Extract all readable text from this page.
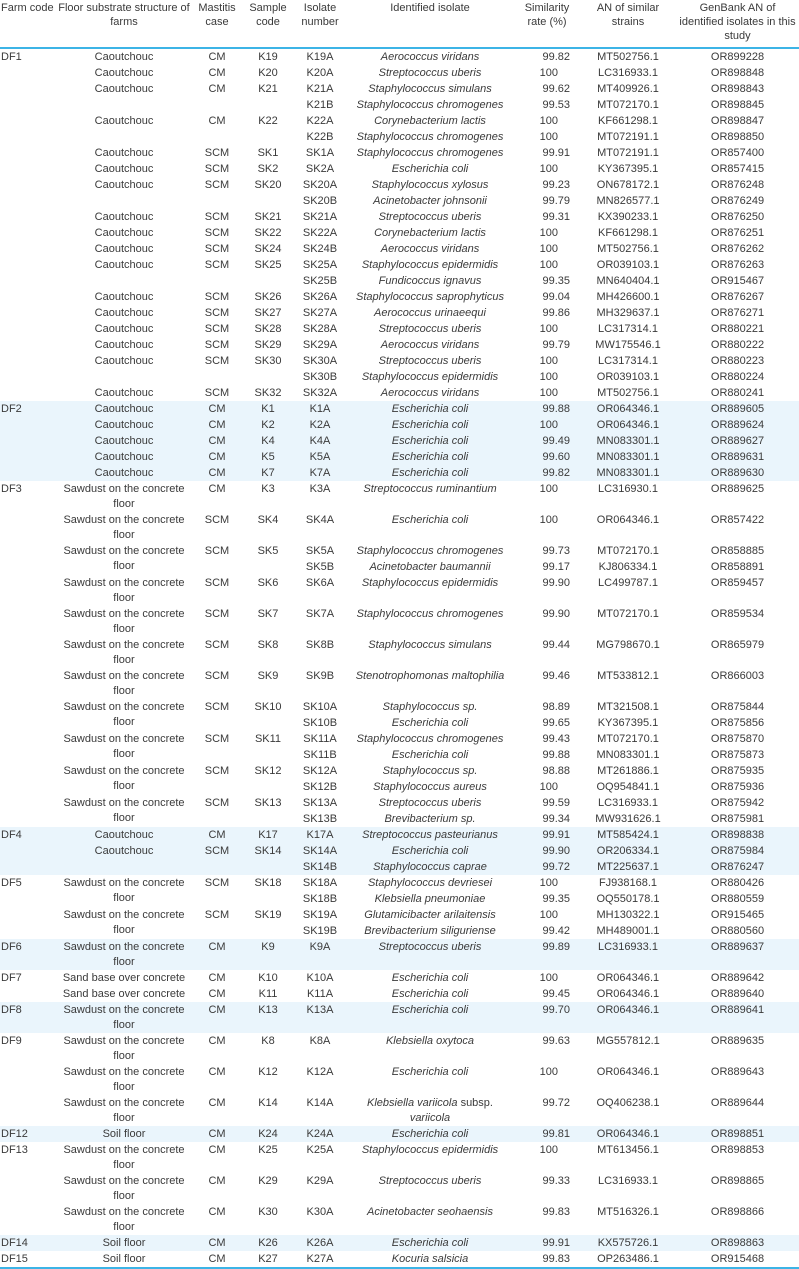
Farm code	Floor substrate structure of farms	Mastitis case	Sample code	Isolate number	Identified isolate	Similarity rate (%)	AN of similar strains	GenBank AN of identified isolates in this study
DF1	Caoutchouc	CM	K19	K19A	Aerococcus viridans	99.82	MT502756.1	OR899228
	Caoutchouc	CM	K20	K20A	Streptococcus uberis	100	LC316933.1	OR898848
	Caoutchouc	CM	K21	K21A	Staphylococcus simulans	99.62	MT409926.1	OR898843
				K21B	Staphylococcus chromogenes	99.53	MT072170.1	OR898845
	Caoutchouc	CM	K22	K22A	Corynebacterium lactis	100	KF661298.1	OR898847
				K22B	Staphylococcus chromogenes	100	MT072191.1	OR898850
	Caoutchouc	SCM	SK1	SK1A	Staphylococcus chromogenes	99.91	MT072191.1	OR857400
	Caoutchouc	SCM	SK2	SK2A	Escherichia coli	100	KY367395.1	OR857415
	Caoutchouc	SCM	SK20	SK20A	Staphylococcus xylosus	99.23	ON678172.1	OR876248
				SK20B	Acinetobacter johnsonii	99.79	MN826577.1	OR876249
	Caoutchouc	SCM	SK21	SK21A	Streptococcus uberis	99.31	KX390233.1	OR876250
	Caoutchouc	SCM	SK22	SK22A	Corynebacterium lactis	100	KF661298.1	OR876251
	Caoutchouc	SCM	SK24	SK24B	Aerococcus viridans	100	MT502756.1	OR876262
	Caoutchouc	SCM	SK25	SK25A	Staphylococcus epidermidis	100	OR039103.1	OR876263
				SK25B	Fundicoccus ignavus	99.35	MN640404.1	OR915467
	Caoutchouc	SCM	SK26	SK26A	Staphylococcus saprophyticus	99.04	MH426600.1	OR876267
	Caoutchouc	SCM	SK27	SK27A	Aerococcus urinaeequi	99.86	MH329637.1	OR876271
	Caoutchouc	SCM	SK28	SK28A	Streptococcus uberis	100	LC317314.1	OR880221
	Caoutchouc	SCM	SK29	SK29A	Aerococcus viridans	99.79	MW175546.1	OR880222
	Caoutchouc	SCM	SK30	SK30A	Streptococcus uberis	100	LC317314.1	OR880223
				SK30B	Staphylococcus epidermidis	100	OR039103.1	OR880224
	Caoutchouc	SCM	SK32	SK32A	Aerococcus viridans	100	MT502756.1	OR880241
DF2	Caoutchouc	CM	K1	K1A	Escherichia coli	99.88	OR064346.1	OR889605
	Caoutchouc	CM	K2	K2A	Escherichia coli	100	OR064346.1	OR889624
	Caoutchouc	CM	K4	K4A	Escherichia coli	99.49	MN083301.1	OR889627
	Caoutchouc	CM	K5	K5A	Escherichia coli	99.60	MN083301.1	OR889631
	Caoutchouc	CM	K7	K7A	Escherichia coli	99.82	MN083301.1	OR889630
DF3	Sawdust on the concrete floor	CM	K3	K3A	Streptococcus ruminantium	100	LC316930.1	OR889625
	Sawdust on the concrete floor	SCM	SK4	SK4A	Escherichia coli	100	OR064346.1	OR857422
	Sawdust on the concrete floor	SCM	SK5	SK5A	Staphylococcus chromogenes	99.73	MT072170.1	OR858885
				SK5B	Acinetobacter baumannii	99.17	KJ806334.1	OR858891
	Sawdust on the concrete floor	SCM	SK6	SK6A	Staphylococcus epidermidis	99.90	LC499787.1	OR859457
	Sawdust on the concrete floor	SCM	SK7	SK7A	Staphylococcus chromogenes	99.90	MT072170.1	OR859534
	Sawdust on the concrete floor	SCM	SK8	SK8B	Staphylococcus simulans	99.44	MG798670.1	OR865979
	Sawdust on the concrete floor	SCM	SK9	SK9B	Stenotrophomonas maltophilia	99.46	MT533812.1	OR866003
	Sawdust on the concrete floor	SCM	SK10	SK10A	Staphylococcus sp.	98.89	MT321508.1	OR875844
				SK10B	Escherichia coli	99.65	KY367395.1	OR875856
	Sawdust on the concrete floor	SCM	SK11	SK11A	Staphylococcus chromogenes	99.43	MT072170.1	OR875870
				SK11B	Escherichia coli	99.88	MN083301.1	OR875873
	Sawdust on the concrete floor	SCM	SK12	SK12A	Staphylococcus sp.	98.88	MT261886.1	OR875935
				SK12B	Staphylococcus aureus	100	OQ954841.1	OR875936
	Sawdust on the concrete floor	SCM	SK13	SK13A	Streptococcus uberis	99.59	LC316933.1	OR875942
				SK13B	Brevibacterium sp.	99.34	MW931626.1	OR875981
DF4	Caoutchouc	CM	K17	K17A	Streptococcus pasteurianus	99.91	MT585424.1	OR898838
	Caoutchouc	SCM	SK14	SK14A	Escherichia coli	99.90	OR206334.1	OR875984
				SK14B	Staphylococcus caprae	99.72	MT225637.1	OR876247
DF5	Sawdust on the concrete floor	SCM	SK18	SK18A	Staphylococcus devriesei	100	FJ938168.1	OR880426
				SK18B	Klebsiella pneumoniae	99.35	OQ550178.1	OR880559
	Sawdust on the concrete floor	SCM	SK19	SK19A	Glutamicibacter arilaitensis	100	MH130322.1	OR915465
				SK19B	Brevibacterium siliguriense	99.42	MH489001.1	OR880560
DF6	Sawdust on the concrete floor	CM	K9	K9A	Streptococcus uberis	99.89	LC316933.1	OR889637
DF7	Sand base over concrete	CM	K10	K10A	Escherichia coli	100	OR064346.1	OR889642
	Sand base over concrete	CM	K11	K11A	Escherichia coli	99.45	OR064346.1	OR889640
DF8	Sawdust on the concrete floor	CM	K13	K13A	Escherichia coli	99.70	OR064346.1	OR889641
DF9	Sawdust on the concrete floor	CM	K8	K8A	Klebsiella oxytoca	99.63	MG557812.1	OR889635
	Sawdust on the concrete floor	CM	K12	K12A	Escherichia coli	100	OR064346.1	OR889643
	Sawdust on the concrete floor	CM	K14	K14A	Klebsiella variicola subsp. variicola	99.72	OQ406238.1	OR889644
DF12	Soil floor	CM	K24	K24A	Escherichia coli	99.81	OR064346.1	OR898851
DF13	Sawdust on the concrete floor	CM	K25	K25A	Staphylococcus epidermidis	100	MT613456.1	OR898853
	Sawdust on the concrete floor	CM	K29	K29A	Streptococcus uberis	99.33	LC316933.1	OR898865
	Sawdust on the concrete floor	CM	K30	K30A	Acinetobacter seohaensis	99.83	MT516326.1	OR898866
DF14	Soil floor	CM	K26	K26A	Escherichia coli	99.91	KX575726.1	OR898863
DF15	Soil floor	CM	K27	K27A	Kocuria salsicia	99.83	OP263486.1	OR915468
